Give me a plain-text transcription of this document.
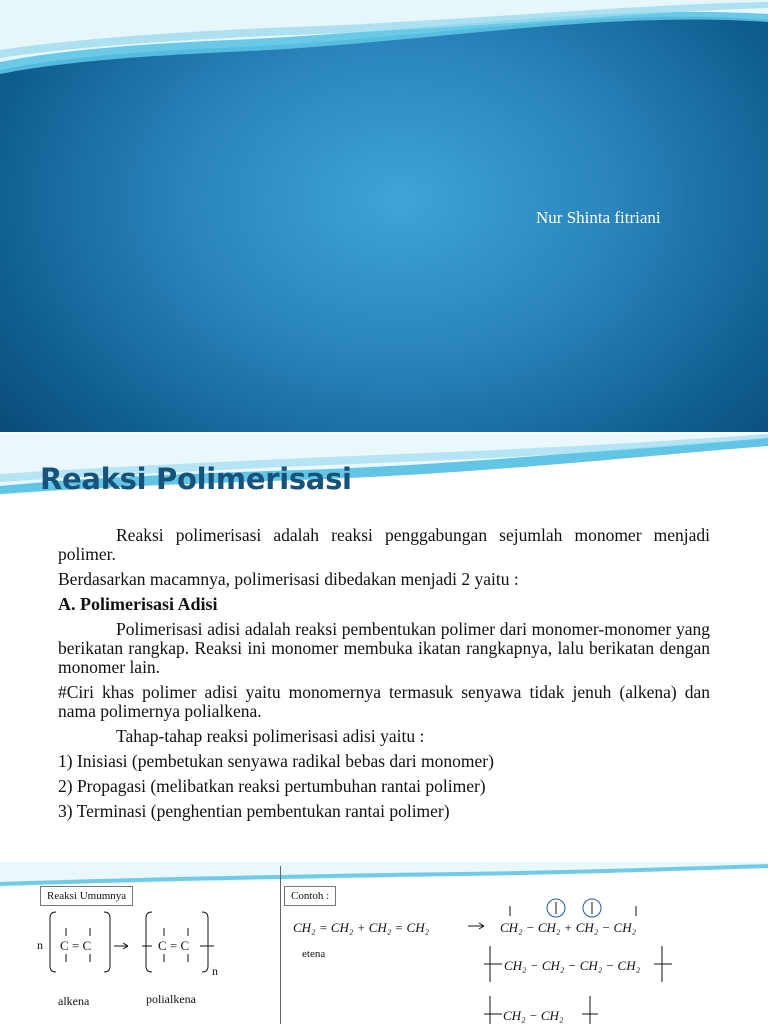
Nur Shinta fitriani
Reaksi Polimerisasi

Reaksi polimerisasi adalah reaksi penggabungan sejumlah monomer menjadi polimer.

Berdasarkan macamnya, polimerisasi dibedakan menjadi 2 yaitu :

A. Polimerisasi Adisi

Polimerisasi adisi adalah reaksi pembentukan polimer dari monomer-monomer yang berikatan rangkap. Reaksi ini monomer membuka ikatan rangkapnya, lalu berikatan dengan monomer lain.

#Ciri khas polimer adisi yaitu monomernya termasuk senyawa tidak jenuh (alkena) dan nama polimernya polialkena.

Tahap-tahap reaksi polimerisasi adisi yaitu :

1) Inisiasi (pembetukan senyawa radikal bebas dari monomer)

2) Propagasi (melibatkan reaksi pertumbuhan rantai polimer)

3) Terminasi (penghentian pembentukan rantai polimer)

Reaksi Umumnya	Contoh :
n C = C	C = C
n
alkena	polialkena
CH₂ = CH₂ + CH₂ = CH₂
etena
CH₂ − CH₂ + CH₂ − CH₂
CH₂ − CH₂ − CH₂ − CH₂
CH₂ − CH₂
